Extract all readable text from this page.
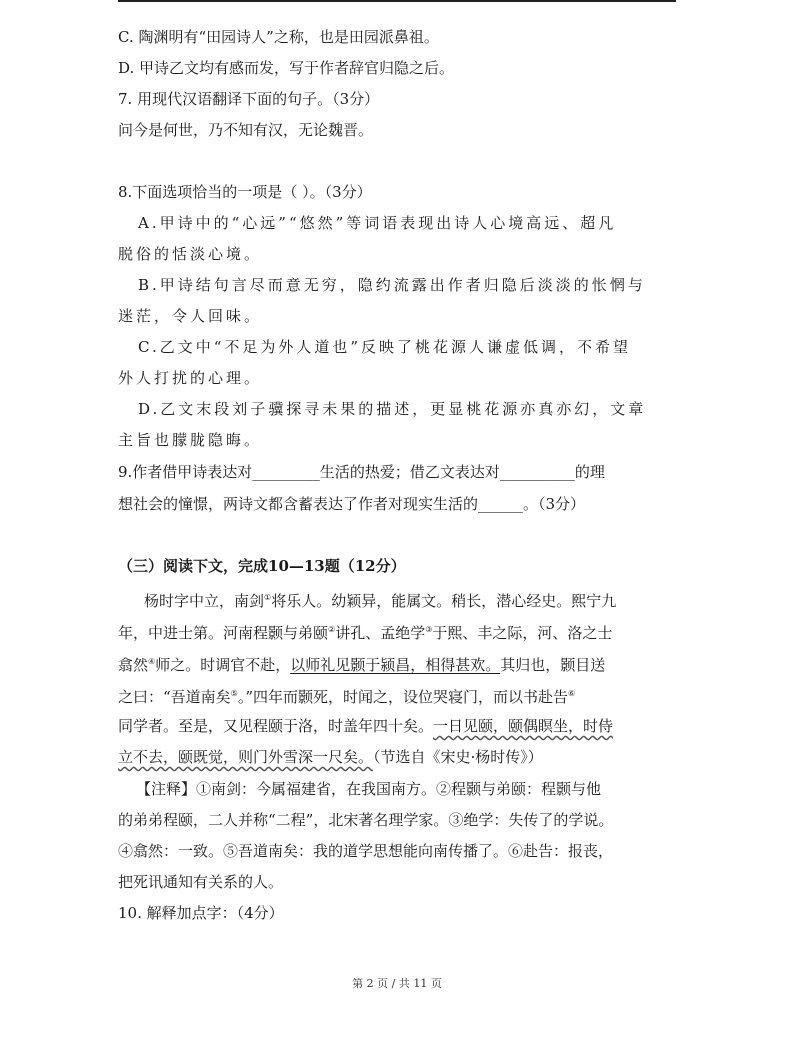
C. 陶渊明有“田园诗人”之称，也是田园派鼻祖。
D. 甲诗乙文均有感而发，写于作者辞官归隐之后。
7. 用现代汉语翻译下面的句子。（3分）
问今是何世，乃不知有汉，无论魏晋。
8.下面选项恰当的一项是（ ）。（3分）
A.甲诗中的“心远”“悠然”等词语表现出诗人心境高远、超凡
脱俗的恬淡心境。
B.甲诗结句言尽而意无穷，隐约流露出作者归隐后淡淡的怅惘与
迷茫，令人回味。
C.乙文中“不足为外人道也”反映了桃花源人谦虚低调，不希望
外人打扰的心理。
D.乙文末段刘子骥探寻未果的描述，更显桃花源亦真亦幻，文章
主旨也朦胧隐晦。
9.作者借甲诗表达对_________生活的热爱；借乙文表达对__________的理
想社会的憧憬，两诗文都含蓄表达了作者对现实生活的______。（3分）
（三）阅读下文，完成10—13题（12分）
杨时字中立，南剑①将乐人。幼颖异，能属文。稍长，潜心经史。熙宁九
年，中进士第。河南程颢与弟颐②讲孔、孟绝学③于熙、丰之际，河、洛之士
翕然④师之。时调官不赴，以师礼见颢于颍昌，相得甚欢。其归也，颢目送
之曰：“吾道南矣⑤。”四年而颢死，时闻之，设位哭寝门，而以书赴告⑥
同学者。至是，又见程颐于洛，时盖年四十矣。一日见颐，颐偶瞑坐，时侍
立不去，颐既觉，则门外雪深一尺矣。（节选自《宋史·杨时传》）
【注释】①南剑：今属福建省，在我国南方。②程颢与弟颐：程颢与他
的弟弟程颐，二人并称“二程”，北宋著名理学家。③绝学：失传了的学说。
④翕然：一致。⑤吾道南矣：我的道学思想能向南传播了。⑥赴告：报丧，
把死讯通知有关系的人。
10. 解释加点字：（4分）
第 2 页 / 共 11 页
